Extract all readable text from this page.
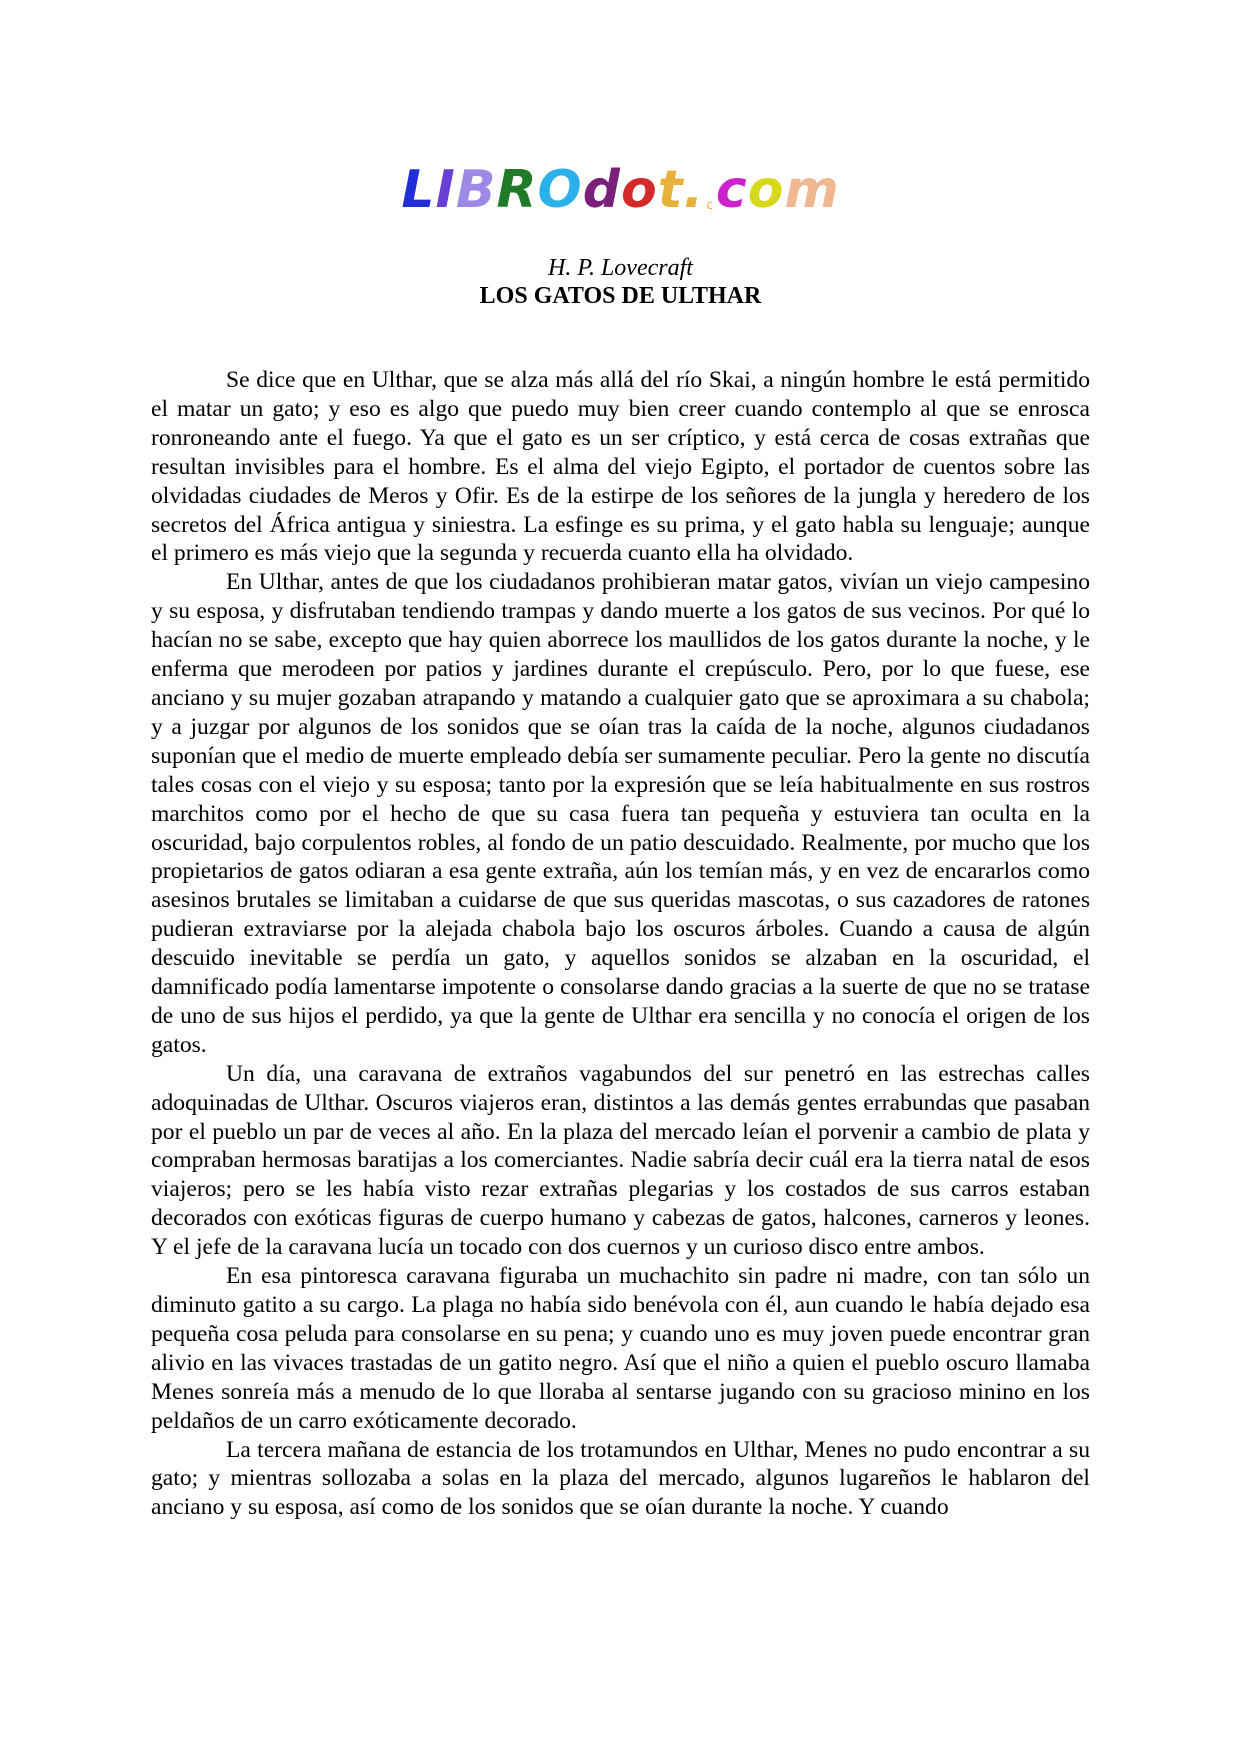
LIBROdot. ccom
H. P. Lovecraft
LOS GATOS DE ULTHAR

Se dice que en Ulthar, que se alza más allá del río Skai, a ningún hombre le está permitido el matar un gato; y eso es algo que puedo muy bien creer cuando contemplo al que se enrosca ronroneando ante el fuego. Ya que el gato es un ser críptico, y está cerca de cosas extrañas que resultan invisibles para el hombre. Es el alma del viejo Egipto, el portador de cuentos sobre las olvidadas ciudades de Meros y Ofir. Es de la estirpe de los señores de la jungla y heredero de los secretos del África antigua y siniestra. La esfinge es su prima, y el gato habla su lenguaje; aunque el primero es más viejo que la segunda y recuerda cuanto ella ha olvidado.

En Ulthar, antes de que los ciudadanos prohibieran matar gatos, vivían un viejo campesino y su esposa, y disfrutaban tendiendo trampas y dando muerte a los gatos de sus vecinos. Por qué lo hacían no se sabe, excepto que hay quien aborrece los maullidos de los gatos durante la noche, y le enferma que merodeen por patios y jardines durante el crepúsculo. Pero, por lo que fuese, ese anciano y su mujer gozaban atrapando y matando a cualquier gato que se aproximara a su chabola; y a juzgar por algunos de los sonidos que se oían tras la caída de la noche, algunos ciudadanos suponían que el medio de muerte empleado debía ser sumamente peculiar. Pero la gente no discutía tales cosas con el viejo y su esposa; tanto por la expresión que se leía habitualmente en sus rostros marchitos como por el hecho de que su casa fuera tan pequeña y estuviera tan oculta en la oscuridad, bajo corpulentos robles, al fondo de un patio descuidado. Realmente, por mucho que los propietarios de gatos odiaran a esa gente extraña, aún los temían más, y en vez de encararlos como asesinos brutales se limitaban a cuidarse de que sus queridas mascotas, o sus cazadores de ratones pudieran extraviarse por la alejada chabola bajo los oscuros árboles. Cuando a causa de algún descuido inevitable se perdía un gato, y aquellos sonidos se alzaban en la oscuridad, el damnificado podía lamentarse impotente o consolarse dando gracias a la suerte de que no se tratase de uno de sus hijos el perdido, ya que la gente de Ulthar era sencilla y no conocía el origen de los gatos.

Un día, una caravana de extraños vagabundos del sur penetró en las estrechas calles adoquinadas de Ulthar. Oscuros viajeros eran, distintos a las demás gentes errabundas que pasaban por el pueblo un par de veces al año. En la plaza del mercado leían el porvenir a cambio de plata y compraban hermosas baratijas a los comerciantes. Nadie sabría decir cuál era la tierra natal de esos viajeros; pero se les había visto rezar extrañas plegarias y los costados de sus carros estaban decorados con exóticas figuras de cuerpo humano y cabezas de gatos, halcones, carneros y leones. Y el jefe de la caravana lucía un tocado con dos cuernos y un curioso disco entre ambos.

En esa pintoresca caravana figuraba un muchachito sin padre ni madre, con tan sólo un diminuto gatito a su cargo. La plaga no había sido benévola con él, aun cuando le había dejado esa pequeña cosa peluda para consolarse en su pena; y cuando uno es muy joven puede encontrar gran alivio en las vivaces trastadas de un gatito negro. Así que el niño a quien el pueblo oscuro llamaba Menes sonreía más a menudo de lo que lloraba al sentarse jugando con su gracioso minino en los peldaños de un carro exóticamente decorado.

La tercera mañana de estancia de los trotamundos en Ulthar, Menes no pudo encontrar a su gato; y mientras sollozaba a solas en la plaza del mercado, algunos lugareños le hablaron del anciano y su esposa, así como de los sonidos que se oían durante la noche. Y cuando
